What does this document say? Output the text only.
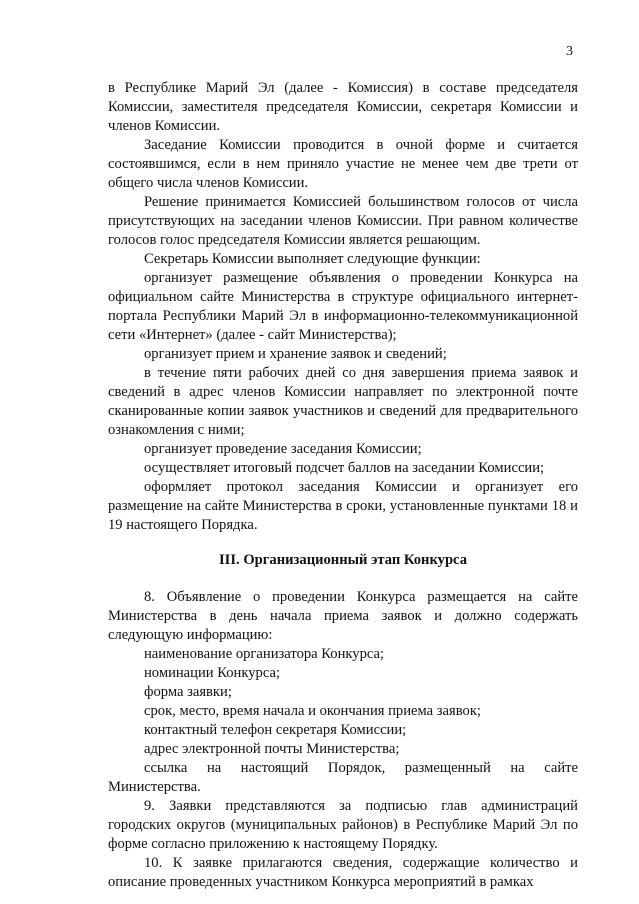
3

в Республике Марий Эл (далее - Комиссия) в составе председателя Комиссии, заместителя председателя Комиссии, секретаря Комиссии и членов Комиссии.

Заседание Комиссии проводится в очной форме и считается состоявшимся, если в нем приняло участие не менее чем две трети от общего числа членов Комиссии.

Решение принимается Комиссией большинством голосов от числа присутствующих на заседании членов Комиссии. При равном количестве голосов голос председателя Комиссии является решающим.

Секретарь Комиссии выполняет следующие функции:

организует размещение объявления о проведении Конкурса на официальном сайте Министерства в структуре официального интернет-портала Республики Марий Эл в информационно-телекоммуникационной сети «Интернет» (далее - сайт Министерства);

организует прием и хранение заявок и сведений;

в течение пяти рабочих дней со дня завершения приема заявок и сведений в адрес членов Комиссии направляет по электронной почте сканированные копии заявок участников и сведений для предварительного ознакомления с ними;

организует проведение заседания Комиссии;

осуществляет итоговый подсчет баллов на заседании Комиссии;

оформляет протокол заседания Комиссии и организует его размещение на сайте Министерства в сроки, установленные пунктами 18 и 19 настоящего Порядка.

III. Организационный этап Конкурса

8. Объявление о проведении Конкурса размещается на сайте Министерства в день начала приема заявок и должно содержать следующую информацию:

наименование организатора Конкурса;

номинации Конкурса;

форма заявки;

срок, место, время начала и окончания приема заявок;

контактный телефон секретаря Комиссии;

адрес электронной почты Министерства;

ссылка на настоящий Порядок, размещенный на сайте Министерства.

9. Заявки представляются за подписью глав администраций городских округов (муниципальных районов) в Республике Марий Эл по форме согласно приложению к настоящему Порядку.

10. К заявке прилагаются сведения, содержащие количество и описание проведенных участником Конкурса мероприятий в рамках
